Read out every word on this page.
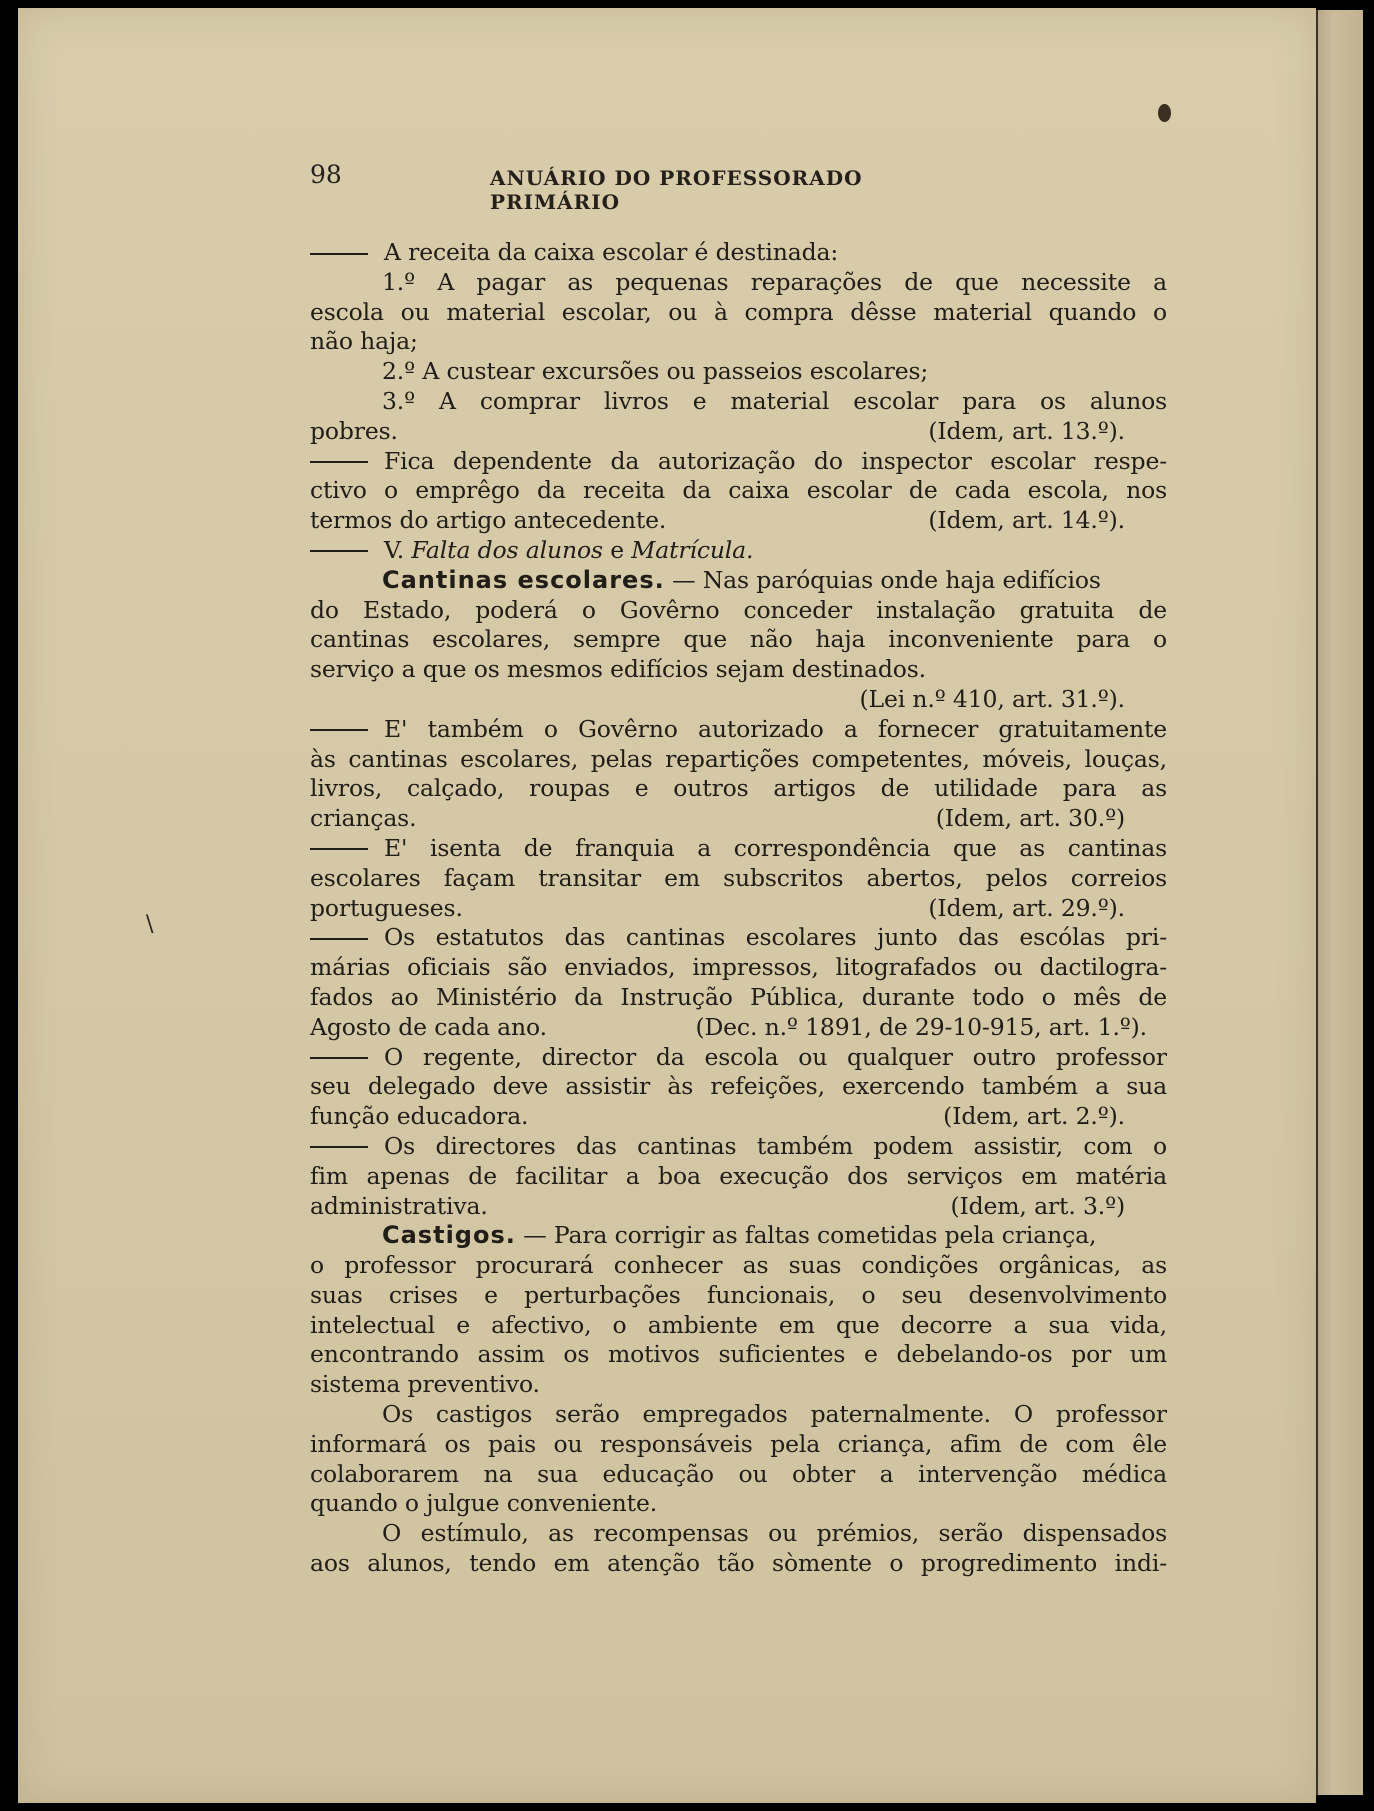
98	ANUÁRIO DO PROFESSORADO PRIMÁRIO
A receita da caixa escolar é destinada:
1.º A pagar as pequenas reparações de que necessite a
escola ou material escolar, ou à compra dêsse material quando o
não haja;
2.º A custear excursões ou passeios escolares;
3.º A comprar livros e material escolar para os alunos
pobres.	(Idem, art. 13.º).
Fica dependente da autorização do inspector escolar respe-
ctivo o emprêgo da receita da caixa escolar de cada escola, nos
termos do artigo antecedente.	(Idem, art. 14.º).
V. Falta dos alunos e Matrícula.
Cantinas escolares. — Nas paróquias onde haja edifícios
do Estado, poderá o Govêrno conceder instalação gratuita de
cantinas escolares, sempre que não haja inconveniente para o
serviço a que os mesmos edifícios sejam destinados.
(Lei n.º 410, art. 31.º).
E' também o Govêrno autorizado a fornecer gratuitamente
às cantinas escolares, pelas repartições competentes, móveis, louças,
livros, calçado, roupas e outros artigos de utilidade para as
crianças.	(Idem, art. 30.º)
E' isenta de franquia a correspondência que as cantinas
escolares façam transitar em subscritos abertos, pelos correios
portugueses.	(Idem, art. 29.º).
Os estatutos das cantinas escolares junto das escólas pri-
márias oficiais são enviados, impressos, litografados ou dactilogra-
fados ao Ministério da Instrução Pública, durante todo o mês de
Agosto de cada ano.	(Dec. n.º 1891, de 29-10-915, art. 1.º).
O regente, director da escola ou qualquer outro professor
seu delegado deve assistir às refeições, exercendo também a sua
função educadora.	(Idem, art. 2.º).
Os directores das cantinas também podem assistir, com o
fim apenas de facilitar a boa execução dos serviços em matéria
administrativa.	(Idem, art. 3.º)
Castigos. — Para corrigir as faltas cometidas pela criança,
o professor procurará conhecer as suas condições orgânicas, as
suas crises e perturbações funcionais, o seu desenvolvimento
intelectual e afectivo, o ambiente em que decorre a sua vida,
encontrando assim os motivos suficientes e debelando-os por um
sistema preventivo.
Os castigos serão empregados paternalmente. O professor
informará os pais ou responsáveis pela criança, afim de com êle
colaborarem na sua educação ou obter a intervenção médica
quando o julgue conveniente.
O estímulo, as recompensas ou prémios, serão dispensados
aos alunos, tendo em atenção tão sòmente o progredimento indi-
\
